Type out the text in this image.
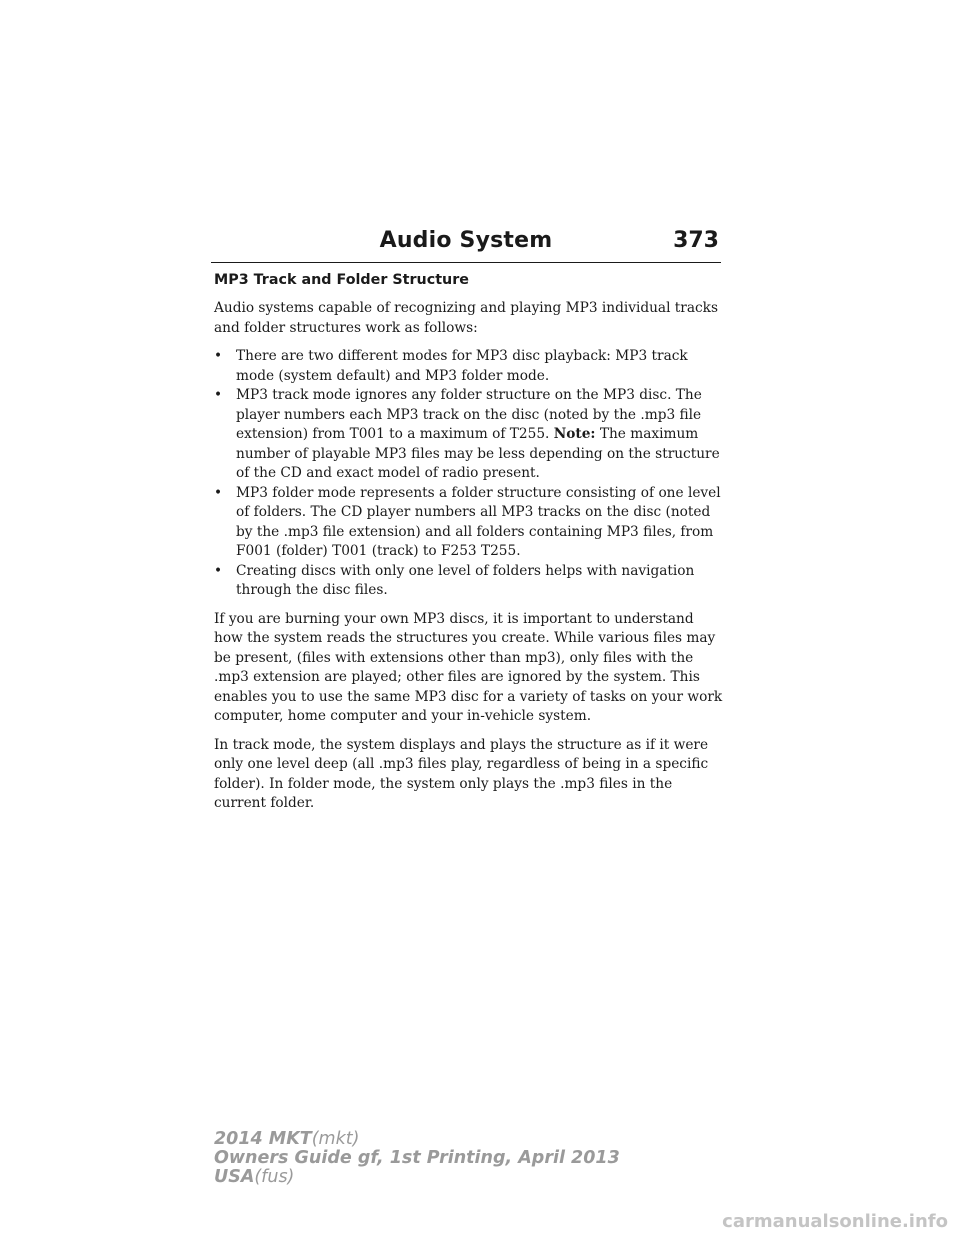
Audio System	373
MP3 Track and Folder Structure

Audio systems capable of recognizing and playing MP3 individual tracks and folder structures work as follows:

• There are two different modes for MP3 disc playback: MP3 track mode (system default) and MP3 folder mode.
• MP3 track mode ignores any folder structure on the MP3 disc. The player numbers each MP3 track on the disc (noted by the .mp3 file extension) from T001 to a maximum of T255. Note: The maximum number of playable MP3 files may be less depending on the structure of the CD and exact model of radio present.
• MP3 folder mode represents a folder structure consisting of one level of folders. The CD player numbers all MP3 tracks on the disc (noted by the .mp3 file extension) and all folders containing MP3 files, from F001 (folder) T001 (track) to F253 T255.
• Creating discs with only one level of folders helps with navigation through the disc files.

If you are burning your own MP3 discs, it is important to understand how the system reads the structures you create. While various files may be present, (files with extensions other than mp3), only files with the .mp3 extension are played; other files are ignored by the system. This enables you to use the same MP3 disc for a variety of tasks on your work computer, home computer and your in-vehicle system.

In track mode, the system displays and plays the structure as if it were only one level deep (all .mp3 files play, regardless of being in a specific folder). In folder mode, the system only plays the .mp3 files in the current folder.

2014 MKT(mkt)
Owners Guide gf, 1st Printing, April 2013
USA(fus)
carmanualsonline.info
